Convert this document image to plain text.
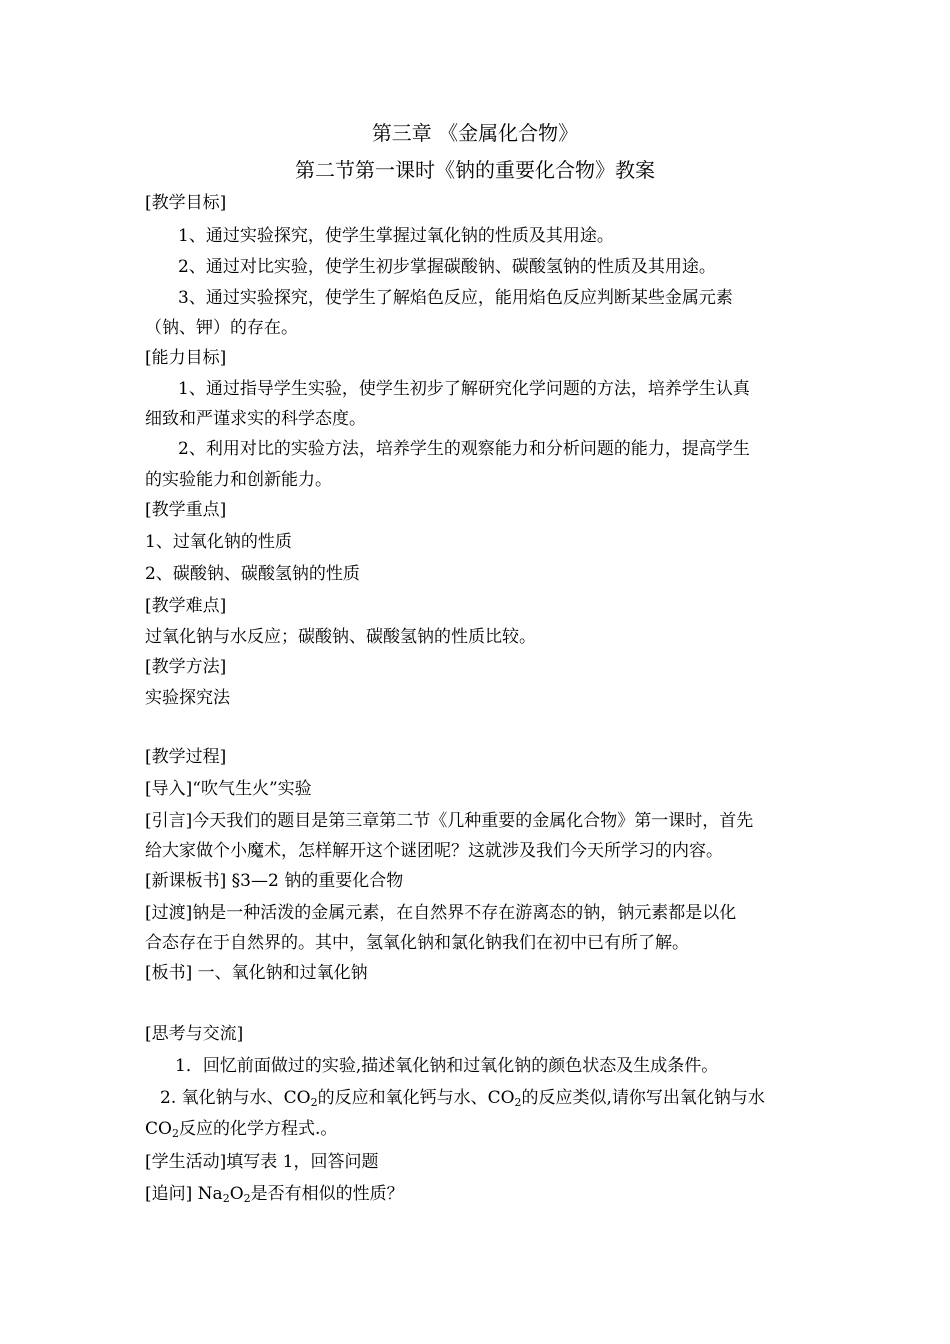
第三章 《金属化合物》
第二节第一课时《钠的重要化合物》教案
[教学目标]
1、通过实验探究，使学生掌握过氧化钠的性质及其用途。
2、通过对比实验，使学生初步掌握碳酸钠、碳酸氢钠的性质及其用途。
3、通过实验探究，使学生了解焰色反应，能用焰色反应判断某些金属元素
（钠、钾）的存在。
[能力目标]
1、通过指导学生实验，使学生初步了解研究化学问题的方法，培养学生认真
细致和严谨求实的科学态度。
2、利用对比的实验方法，培养学生的观察能力和分析问题的能力，提高学生
的实验能力和创新能力。
[教学重点]
1、过氧化钠的性质
2、碳酸钠、碳酸氢钠的性质
[教学难点]
过氧化钠与水反应；碳酸钠、碳酸氢钠的性质比较。
[教学方法]
实验探究法
[教学过程]
[导入]“吹气生火”实验
[引言]今天我们的题目是第三章第二节《几种重要的金属化合物》第一课时，首先
给大家做个小魔术，怎样解开这个谜团呢？这就涉及我们今天所学习的内容。
[新课板书] §3—2 钠的重要化合物
[过渡]钠是一种活泼的金属元素，在自然界不存在游离态的钠，钠元素都是以化
合态存在于自然界的。其中，氢氧化钠和氯化钠我们在初中已有所了解。
[板书] 一、氧化钠和过氧化钠
[思考与交流]
1．回忆前面做过的实验,描述氧化钠和过氧化钠的颜色状态及生成条件。
2. 氧化钠与水、$CO_2$的反应和氧化钙与水、$CO_2$的反应类似,请你写出氧化钠与水
$CO_2$反应的化学方程式.。
[学生活动]填写表 1，回答问题
[追问] $Na_2O_2$是否有相似的性质？
